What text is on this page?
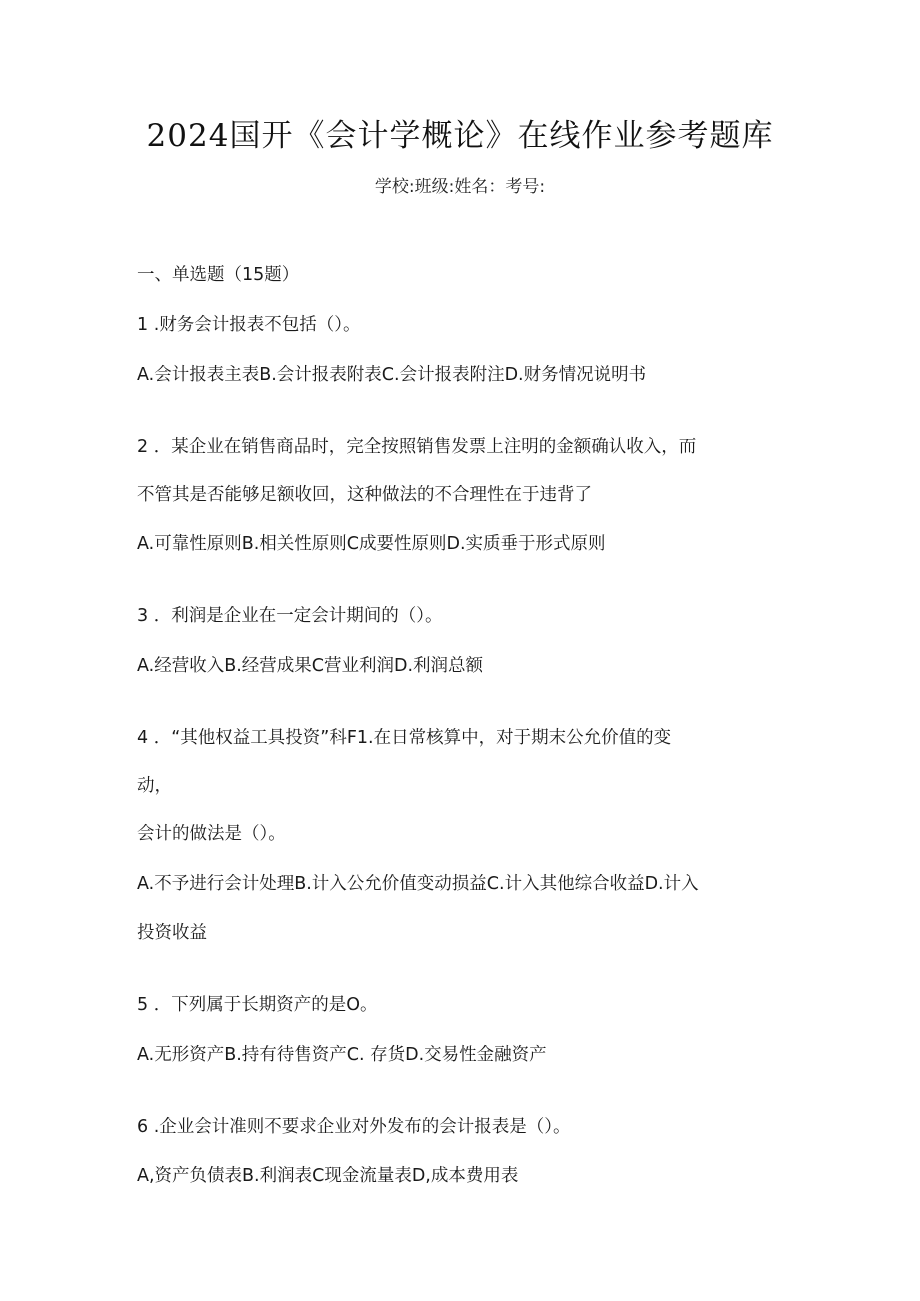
2024国开《会计学概论》在线作业参考题库
学校:班级:姓名：考号:
一、单选题（15题）
1 .财务会计报表不包括（）。
A.会计报表主表B.会计报表附表C.会计报表附注D.财务情况说明书
2 ．某企业在销售商品时，完全按照销售发票上注明的金额确认收入，而
不管其是否能够足额收回，这种做法的不合理性在于违背了
A.可靠性原则B.相关性原则C成要性原则D.实质垂于形式原则
3 ．利润是企业在一定会计期间的（）。
A.经营收入B.经营成果C营业利润D.利润总额
4 ．“其他权益工具投资”科F1.在日常核算中，对于期末公允价值的变
动，
会计的做法是（）。
A.不予进行会计处理B.计入公允价值变动损益C.计入其他综合收益D.计入
投资收益
5 ．下列属于长期资产的是O。
A.无形资产B.持有待售资产C. 存货D.交易性金融资产
6 .企业会计准则不要求企业对外发布的会计报表是（）。
A,资产负债表B.利润表C现金流量表D,成本费用表
